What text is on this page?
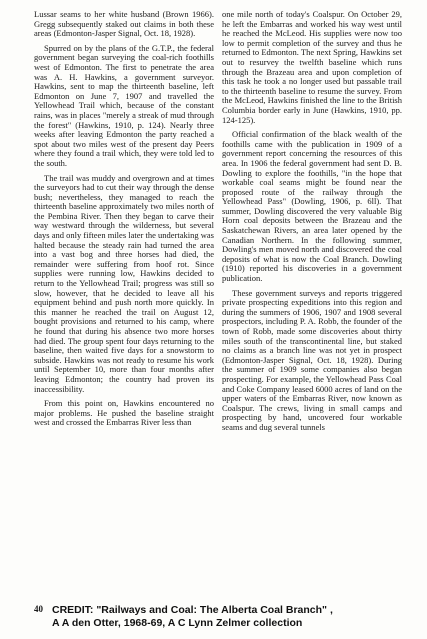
Lussar seams to her white husband (Brown 1966). Gregg subsequently staked out claims in both these areas (Edmonton-Jasper Signal, Oct. 18, 1928).

Spurred on by the plans of the G.T.P., the federal government began surveying the coal-rich foothills west of Edmonton. The first to penetrate the area was A. H. Hawkins, a government surveyor. Hawkins, sent to map the thirteenth baseline, left Edmonton on June 7, 1907 and travelled the Yellowhead Trail which, because of the constant rains, was in places "merely a streak of mud through the forest" (Hawkins, 1910, p. 124). Nearly three weeks after leaving Edmonton the party reached a spot about two miles west of the present day Peers where they found a trail which, they were told led to the south.

The trail was muddy and overgrown and at times the surveyors had to cut their way through the dense bush; nevertheless, they managed to reach the thirteenth baseline approximately two miles north of the Pembina River. Then they began to carve their way westward through the wilderness, but several days and only fifteen miles later the undertaking was halted because the steady rain had turned the area into a vast bog and three horses had died, the remainder were suffering from hoof rot. Since supplies were running low, Hawkins decided to return to the Yellowhead Trail; progress was still so slow, however, that he decided to leave all his equipment behind and push north more quickly. In this manner he reached the trail on August 12, bought provisions and returned to his camp, where he found that during his absence two more horses had died. The group spent four days returning to the baseline, then waited five days for a snowstorm to subside. Hawkins was not ready to resume his work until September 10, more than four months after leaving Edmonton; the country had proven its inaccessibility.

From this point on, Hawkins encountered no major problems. He pushed the baseline straight west and crossed the Embarras River less than

one mile north of today's Coalspur. On October 29, he left the Embarras and worked his way west until he reached the McLeod. His supplies were now too low to permit completion of the survey and thus he returned to Edmonton. The next Spring, Hawkins set out to resurvey the twelfth baseline which runs through the Brazeau area and upon completion of this task he took a no longer used but passable trail to the thirteenth baseline to resume the survey. From the McLeod, Hawkins finished the line to the British Columbia border early in June (Hawkins, 1910, pp. 124-125).

Official confirmation of the black wealth of the foothills came with the publication in 1909 of a government report concerning the resources of this area. In 1906 the federal government had sent D. B. Dowling to explore the foothills, "in the hope that workable coal seams might be found near the proposed route of the railway through the Yellowhead Pass" (Dowling, 1906, p. 6ll). That summer, Dowling discovered the very valuable Big Horn coal deposits between the Brazeau and the Saskatchewan Rivers, an area later opened by the Canadian Northern. In the following summer, Dowling's men moved north and discovered the coal deposits of what is now the Coal Branch. Dowling (1910) reported his discoveries in a government publication.

These government surveys and reports triggered private prospecting expeditions into this region and during the summers of 1906, 1907 and 1908 several prospectors, including P. A. Robb, the founder of the town of Robb, made some discoveries about thirty miles south of the transcontinental line, but staked no claims as a branch line was not yet in prospect (Edmonton-Jasper Signal, Oct. 18, 1928). During the summer of 1909 some companies also began prospecting. For example, the Yellowhead Pass Coal and Coke Company leased 6000 acres of land on the upper waters of the Embarras River, now known as Coalspur. The crews, living in small camps and prospecting by hand, uncovered four workable seams and dug several tunnels

40 CREDIT: "Railways and Coal: The Alberta Coal Branch" ,
A A den Otter, 1968-69, A C Lynn Zelmer collection
